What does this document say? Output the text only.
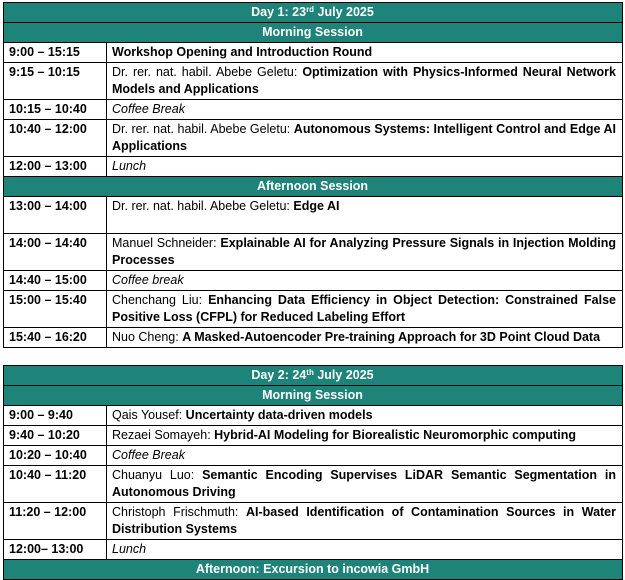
Day 1: 23rd July 2025	
Morning Session	
9:00 – 15:15	Workshop Opening and Introduction Round
9:15 – 10:15	Dr. rer. nat. habil. Abebe Geletu: Optimization with Physics-Informed Neural Network Models and Applications
10:15 – 10:40	Coffee Break
10:40 – 12:00	Dr. rer. nat. habil. Abebe Geletu: Autonomous Systems: Intelligent Control and Edge AI Applications
12:00 – 13:00	Lunch
Afternoon Session	
13:00 – 14:00	Dr. rer. nat. habil. Abebe Geletu: Edge AI
14:00 – 14:40	Manuel Schneider: Explainable AI for Analyzing Pressure Signals in Injection Molding Processes
14:40 – 15:00	Coffee break
15:00 – 15:40	Chenchang Liu: Enhancing Data Efficiency in Object Detection: Constrained False Positive Loss (CFPL) for Reduced Labeling Effort
15:40 – 16:20	Nuo Cheng: A Masked-Autoencoder Pre-training Approach for 3D Point Cloud Data
Day 2: 24th July 2025	
Morning Session	
9:00 – 9:40	Qais Yousef: Uncertainty data-driven models
9:40 – 10:20	Rezaei Somayeh: Hybrid-AI Modeling for Biorealistic Neuromorphic computing
10:20 – 10:40	Coffee Break
10:40 – 11:20	Chuanyu Luo: Semantic Encoding Supervises LiDAR Semantic Segmentation in Autonomous Driving
11:20 – 12:00	Christoph Frischmuth: AI-based Identification of Contamination Sources in Water Distribution Systems
12:00– 13:00	Lunch
Afternoon: Excursion to incowia GmbH	
